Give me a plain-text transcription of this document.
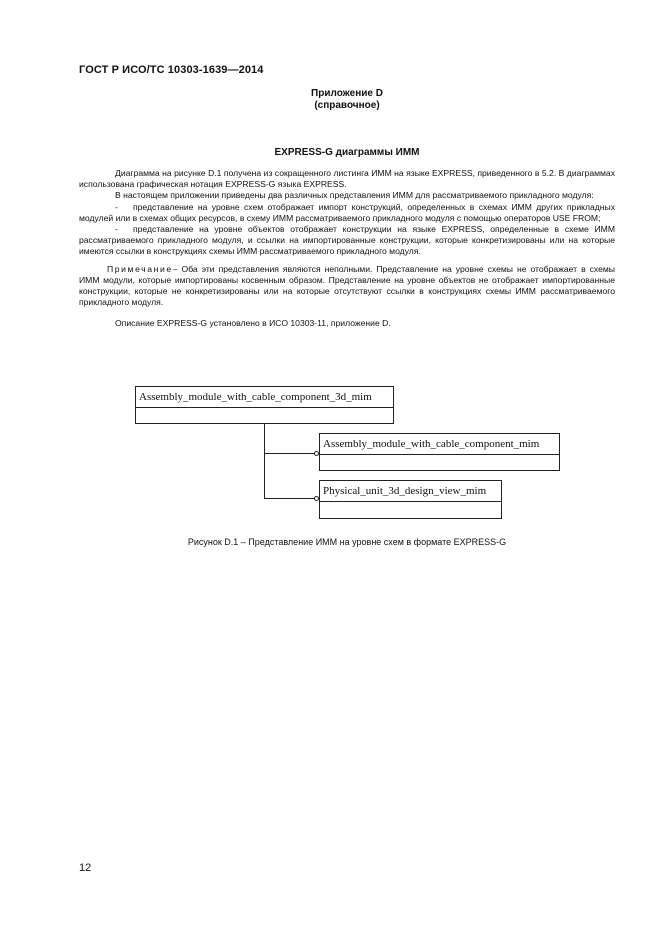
ГОСТ Р ИСО/ТС 10303-1639—2014
Приложение D
(справочное)
EXPRESS-G диаграммы ИММ

Диаграмма на рисунке D.1 получена из сокращенного листинга ИММ на языке EXPRESS, приведенного в 5.2. В диаграммах использована графическая нотация EXPRESS-G языка EXPRESS.

В настоящем приложении приведены два различных представления ИММ для рассматриваемого прикладного модуля:

- представление на уровне схем отображает импорт конструкций, определенных в схемах ИММ других прикладных модулей или в схемах общих ресурсов, в схему ИММ рассматриваемого прикладного модуля с помощью операторов USE FROM;

- представление на уровне объектов отображает конструкции на языке EXPRESS, определенные в схеме ИММ рассматриваемого прикладного модуля, и ссылки на импортированные конструкции, которые конкретизированы или на которые имеются ссылки в конструкциях схемы ИММ рассматриваемого прикладного модуля.

Примечание– Оба эти представления являются неполными. Представление на уровне схемы не отображает в схемы ИММ модули, которые импортированы косвенным образом. Представление на уровне объектов не отображает импортированные конструкции, которые не конкретизированы или на которые отсутствуют ссылки в конструкциях схемы ИММ рассматриваемого прикладного модуля.

Описание EXPRESS-G установлено в ИСО 10303-11, приложение D.

Assembly_module_with_cable_component_3d_mim
Assembly_module_with_cable_component_mim
Physical_unit_3d_design_view_mim
Рисунок D.1 – Представление ИММ на уровне схем в формате EXPRESS-G
12
